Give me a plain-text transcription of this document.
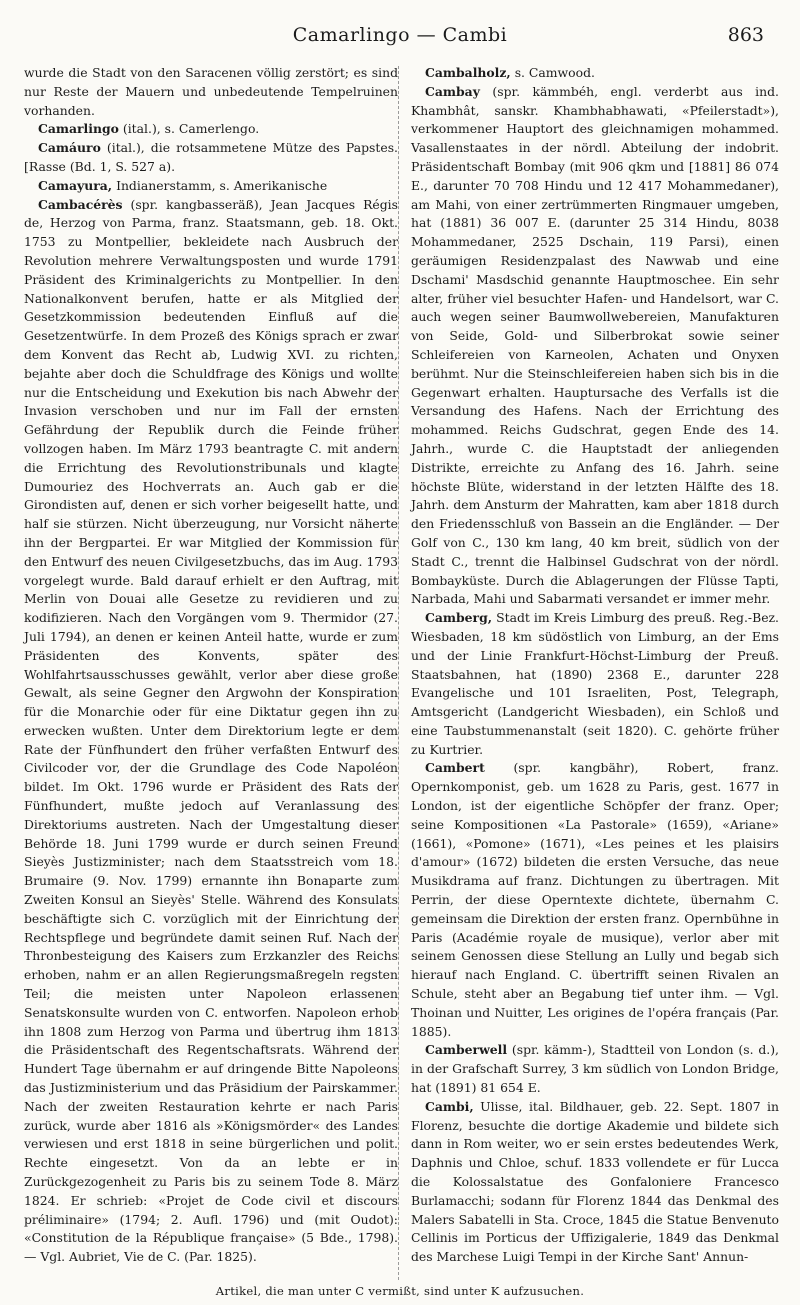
Camarlingo — Cambi	863

wurde die Stadt von den Saracenen völlig zerstört; es sind nur Reste der Mauern und unbedeutende Tempelruinen vorhanden.

Camarlingo (ital.), s. Camerlengo.

Camáuro (ital.), die rotsammetene Mütze des Papstes. [Rasse (Bd. 1, S. 527 a).

Camayura, Indianerstamm, s. Amerikanische

Cambacérès (spr. kangbasseräß), Jean Jacques Régis de, Herzog von Parma, franz. Staatsmann, geb. 18. Okt. 1753 zu Montpellier, bekleidete nach Ausbruch der Revolution mehrere Verwaltungsposten und wurde 1791 Präsident des Kriminalgerichts zu Montpellier. In den Nationalkonvent berufen, hatte er als Mitglied der Gesetzkommission bedeutenden Einfluß auf die Gesetzentwürfe. In dem Prozeß des Königs sprach er zwar dem Konvent das Recht ab, Ludwig XVI. zu richten, bejahte aber doch die Schuldfrage des Königs und wollte nur die Entscheidung und Exekution bis nach Abwehr der Invasion verschoben und nur im Fall der ernsten Gefährdung der Republik durch die Feinde früher vollzogen haben. Im März 1793 beantragte C. mit andern die Errichtung des Revolutionstribunals und klagte Dumouriez des Hochverrats an. Auch gab er die Girondisten auf, denen er sich vorher beigesellt hatte, und half sie stürzen. Nicht überzeugung, nur Vorsicht näherte ihn der Bergpartei. Er war Mitglied der Kommission für den Entwurf des neuen Civilgesetzbuchs, das im Aug. 1793 vorgelegt wurde. Bald darauf erhielt er den Auftrag, mit Merlin von Douai alle Gesetze zu revidieren und zu kodifizieren. Nach den Vorgängen vom 9. Thermidor (27. Juli 1794), an denen er keinen Anteil hatte, wurde er zum Präsidenten des Konvents, später des Wohlfahrtsausschusses gewählt, verlor aber diese große Gewalt, als seine Gegner den Argwohn der Konspiration für die Monarchie oder für eine Diktatur gegen ihn zu erwecken wußten. Unter dem Direktorium legte er dem Rate der Fünfhundert den früher verfaßten Entwurf des Civilcoder vor, der die Grundlage des Code Napoléon bildet. Im Okt. 1796 wurde er Präsident des Rats der Fünfhundert, mußte jedoch auf Veranlassung des Direktoriums austreten. Nach der Umgestaltung dieser Behörde 18. Juni 1799 wurde er durch seinen Freund Sieyès Justizminister; nach dem Staatsstreich vom 18. Brumaire (9. Nov. 1799) ernannte ihn Bonaparte zum Zweiten Konsul an Sieyès' Stelle. Während des Konsulats beschäftigte sich C. vorzüglich mit der Einrichtung der Rechtspflege und begründete damit seinen Ruf. Nach der Thronbesteigung des Kaisers zum Erzkanzler des Reichs erhoben, nahm er an allen Regierungsmaßregeln regsten Teil; die meisten unter Napoleon erlassenen Senatskonsulte wurden von C. entworfen. Napoleon erhob ihn 1808 zum Herzog von Parma und übertrug ihm 1813 die Präsidentschaft des Regentschaftsrats. Während der Hundert Tage übernahm er auf dringende Bitte Napoleons das Justizministerium und das Präsidium der Pairskammer. Nach der zweiten Restauration kehrte er nach Paris zurück, wurde aber 1816 als »Königsmörder« des Landes verwiesen und erst 1818 in seine bürgerlichen und polit. Rechte eingesetzt. Von da an lebte er in Zurückgezogenheit zu Paris bis zu seinem Tode 8. März 1824. Er schrieb: «Projet de Code civil et discours préliminaire» (1794; 2. Aufl. 1796) und (mit Oudot): «Constitution de la République française» (5 Bde., 1798). — Vgl. Aubriet, Vie de C. (Par. 1825).

Cambalholz, s. Camwood.

Cambay (spr. kämmbéh, engl. verderbt aus ind. Khambhât, sanskr. Khambhabhawati, «Pfeilerstadt»), verkommener Hauptort des gleichnamigen mohammed. Vasallenstaates in der nördl. Abteilung der indobrit. Präsidentschaft Bombay (mit 906 qkm und [1881] 86 074 E., darunter 70 708 Hindu und 12 417 Mohammedaner), am Mahi, von einer zertrümmerten Ringmauer umgeben, hat (1881) 36 007 E. (darunter 25 314 Hindu, 8038 Mohammedaner, 2525 Dschain, 119 Parsi), einen geräumigen Residenzpalast des Nawwab und eine Dschami' Masdschid genannte Hauptmoschee. Ein sehr alter, früher viel besuchter Hafen- und Handelsort, war C. auch wegen seiner Baumwollwebereien, Manufakturen von Seide, Gold- und Silberbrokat sowie seiner Schleifereien von Karneolen, Achaten und Onyxen berühmt. Nur die Steinschleifereien haben sich bis in die Gegenwart erhalten. Hauptursache des Verfalls ist die Versandung des Hafens. Nach der Errichtung des mohammed. Reichs Gudschrat, gegen Ende des 14. Jahrh., wurde C. die Hauptstadt der anliegenden Distrikte, erreichte zu Anfang des 16. Jahrh. seine höchste Blüte, widerstand in der letzten Hälfte des 18. Jahrh. dem Ansturm der Mahratten, kam aber 1818 durch den Friedensschluß von Bassein an die Engländer. — Der Golf von C., 130 km lang, 40 km breit, südlich von der Stadt C., trennt die Halbinsel Gudschrat von der nördl. Bombayküste. Durch die Ablagerungen der Flüsse Tapti, Narbada, Mahi und Sabarmati versandet er immer mehr.

Camberg, Stadt im Kreis Limburg des preuß. Reg.-Bez. Wiesbaden, 18 km südöstlich von Limburg, an der Ems und der Linie Frankfurt-Höchst-Limburg der Preuß. Staatsbahnen, hat (1890) 2368 E., darunter 228 Evangelische und 101 Israeliten, Post, Telegraph, Amtsgericht (Landgericht Wiesbaden), ein Schloß und eine Taubstummenanstalt (seit 1820). C. gehörte früher zu Kurtrier.

Cambert (spr. kangbähr), Robert, franz. Opernkomponist, geb. um 1628 zu Paris, gest. 1677 in London, ist der eigentliche Schöpfer der franz. Oper; seine Kompositionen «La Pastorale» (1659), «Ariane» (1661), «Pomone» (1671), «Les peines et les plaisirs d'amour» (1672) bildeten die ersten Versuche, das neue Musikdrama auf franz. Dichtungen zu übertragen. Mit Perrin, der diese Operntexte dichtete, übernahm C. gemeinsam die Direktion der ersten franz. Opernbühne in Paris (Académie royale de musique), verlor aber mit seinem Genossen diese Stellung an Lully und begab sich hierauf nach England. C. übertrifft seinen Rivalen an Schule, steht aber an Begabung tief unter ihm. — Vgl. Thoinan und Nuitter, Les origines de l'opéra français (Par. 1885).

Camberwell (spr. kämm-), Stadtteil von London (s. d.), in der Grafschaft Surrey, 3 km südlich von London Bridge, hat (1891) 81 654 E.

Cambi, Ulisse, ital. Bildhauer, geb. 22. Sept. 1807 in Florenz, besuchte die dortige Akademie und bildete sich dann in Rom weiter, wo er sein erstes bedeutendes Werk, Daphnis und Chloe, schuf. 1833 vollendete er für Lucca die Kolossalstatue des Gonfaloniere Francesco Burlamacchi; sodann für Florenz 1844 das Denkmal des Malers Sabatelli in Sta. Croce, 1845 die Statue Benvenuto Cellinis im Porticus der Uffizigalerie, 1849 das Denkmal des Marchese Luigi Tempi in der Kirche Sant' Annun-

Artikel, die man unter C vermißt, sind unter K aufzusuchen.
